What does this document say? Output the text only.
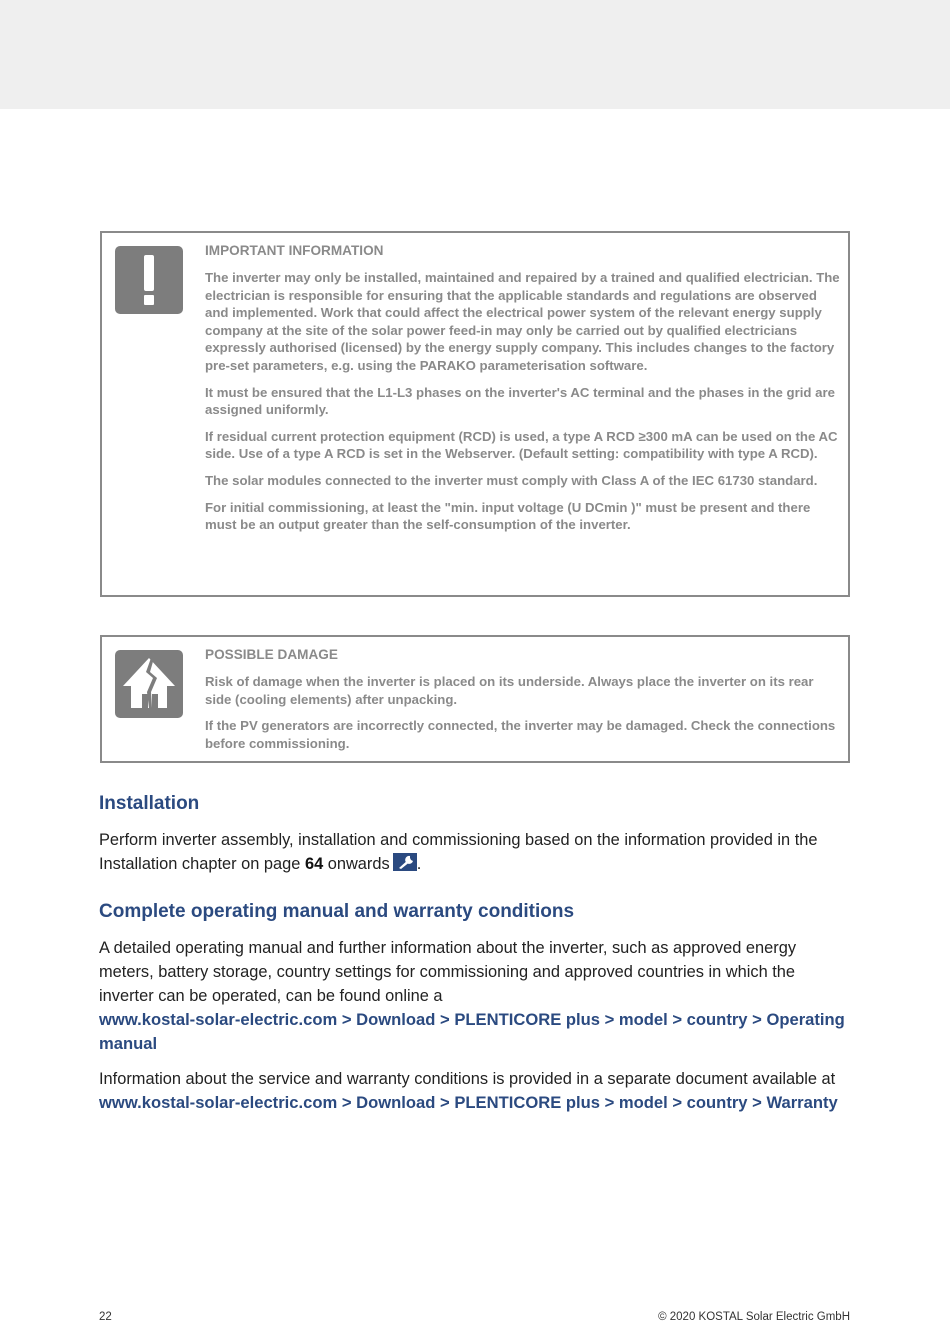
IMPORTANT INFORMATION

The inverter may only be installed, maintained and repaired by a trained and qualified electrician. The electrician is responsible for ensuring that the applicable standards and regulations are observed and implemented. Work that could affect the electrical power system of the relevant energy supply company at the site of the solar power feed-in may only be carried out by qualified electricians expressly authorised (licensed) by the energy supply company. This includes changes to the factory pre-set parameters, e.g. using the PARAKO parameterisation software.

It must be ensured that the L1-L3 phases on the inverter's AC terminal and the phases in the grid are assigned uniformly.

If residual current protection equipment (RCD) is used, a type A RCD ≥300 mA can be used on the AC side. Use of a type A RCD is set in the Webserver. (Default setting: compatibility with type A RCD).

The solar modules connected to the inverter must comply with Class A of the IEC 61730 standard.

For initial commissioning, at least the "min. input voltage (U DCmin )" must be present and there must be an output greater than the self-consumption of the inverter.

POSSIBLE DAMAGE

Risk of damage when the inverter is placed on its underside. Always place the inverter on its rear side (cooling elements) after unpacking.

If the PV generators are incorrectly connected, the inverter may be damaged. Check the connections before commissioning.

Installation

Perform inverter assembly, installation and commissioning based on the information provided in the Installation chapter on page 64 onwards .

Complete operating manual and warranty conditions

A detailed operating manual and further information about the inverter, such as approved energy meters, battery storage, country settings for commissioning and approved countries in which the inverter can be operated, can be found online a

www.kostal-solar-electric.com > Download > PLENTICORE plus > model > country > Operating manual

Information about the service and warranty conditions is provided in a separate document available at

www.kostal-solar-electric.com > Download > PLENTICORE plus > model > country > Warranty

22	© 2020 KOSTAL Solar Electric GmbH
